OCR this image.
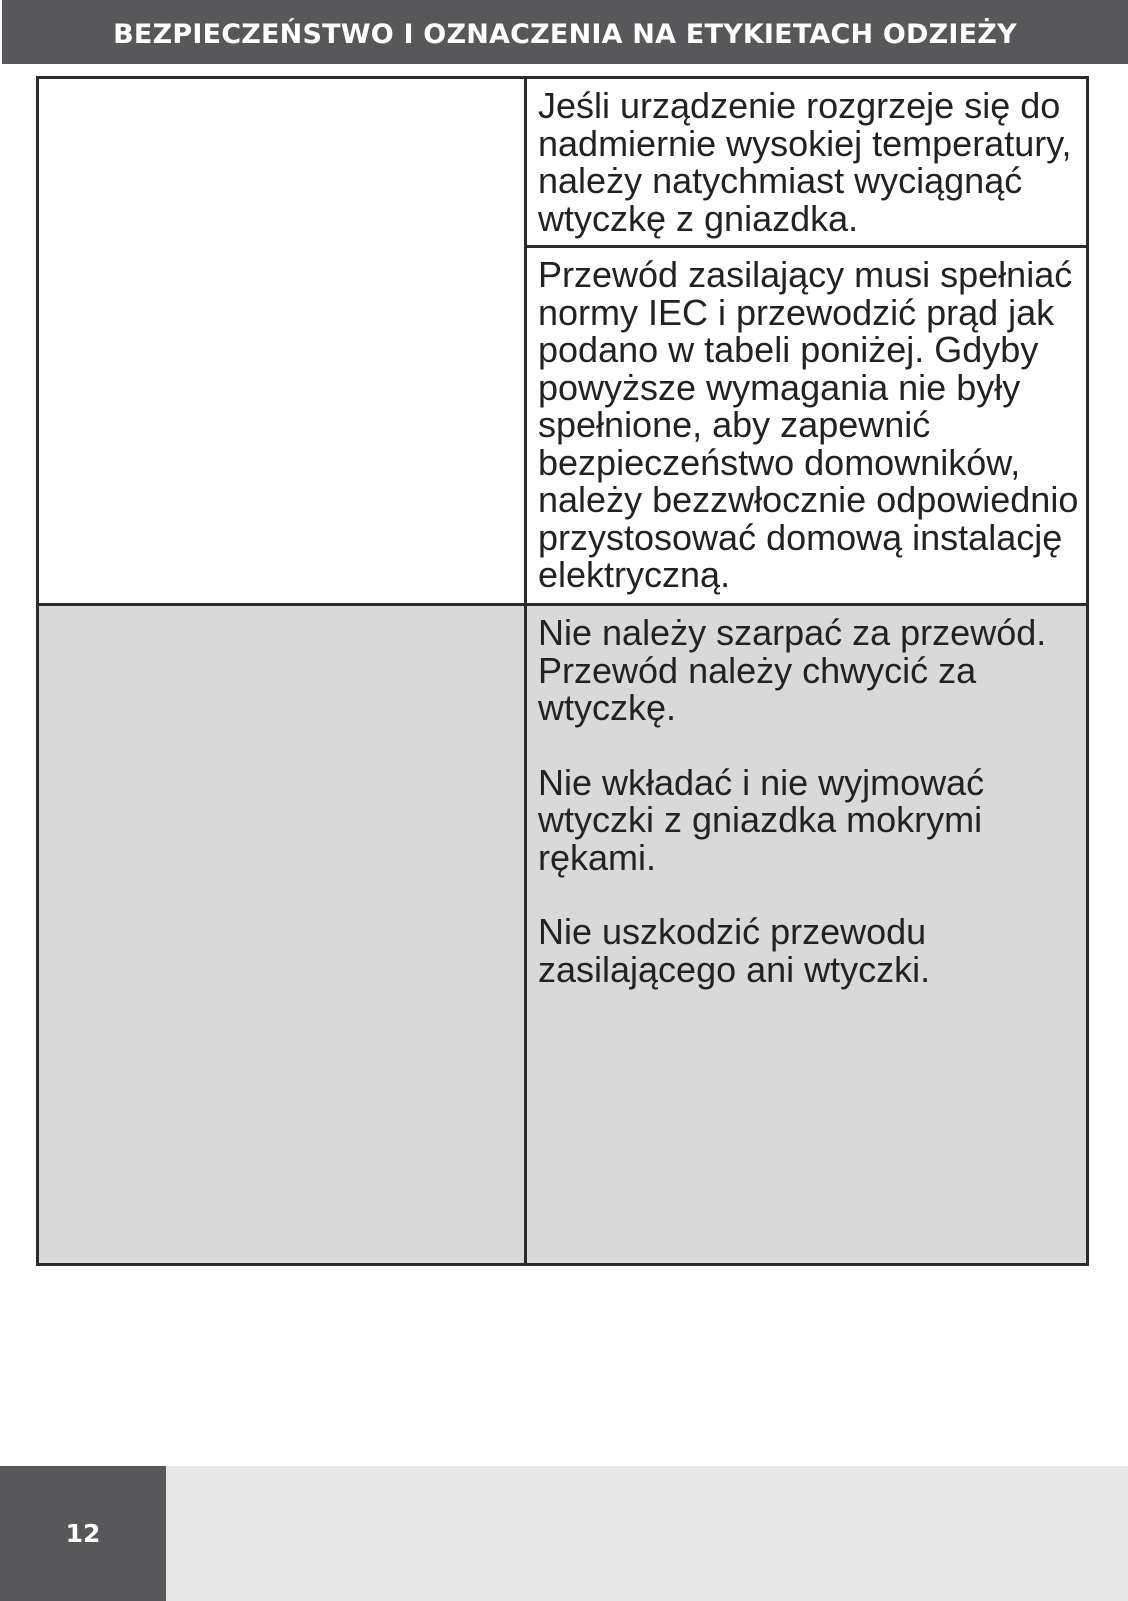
BEZPIECZEŃSTWO I OZNACZENIA NA ETYKIETACH ODZIEŻY

Jeśli urządzenie rozgrzeje się do nadmiernie wysokiej temperatury, należy natychmiast wyciągnąć wtyczkę z gniazdka.

Przewód zasilający musi spełniać normy IEC i przewodzić prąd jak podano w tabeli poniżej. Gdyby powyższe wymagania nie były spełnione, aby zapewnić bezpieczeństwo domowników, należy bezzwłocznie odpowiednio przystosować domową instalację elektryczną.

Nie należy szarpać za przewód. Przewód należy chwycić za wtyczkę.

Nie wkładać i nie wyjmować wtyczki z gniazdka mokrymi rękami.

Nie uszkodzić przewodu zasilającego ani wtyczki.

12
